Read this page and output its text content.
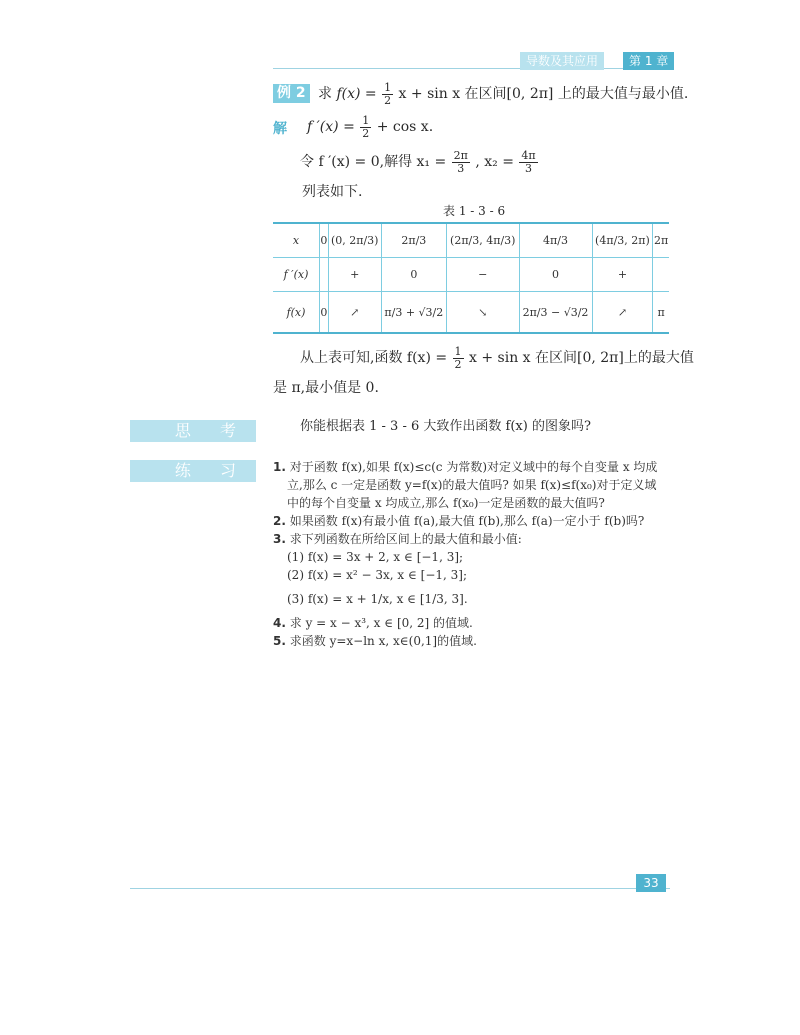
导数及其应用	第 1 章
例 2 求 $f(x) = \frac{1}{2}$ x + sin x 在区间[0, 2π] 上的最大值与最小值.
解 f $'(x) = \frac{1}{2} + \cos x$.
令 f ′(x) = 0,解得 $x_1 = \frac{2\pi}{3}$ , $x_2 = \frac{4\pi}{3}$
列表如下.
表 1 - 3 - 6
x	0	(0, 2π/3)	2π/3	(2π/3, 4π/3)	4π/3	(4π/3, 2π)	2π
f ′(x)		+	0	−	0	+	
f(x)	0	↗	π/3 + √3/2	↘	2π/3 − √3/2	↗	π
从上表可知,函数 $f(x) = \frac{1}{2}$ x + sin x 在区间[0, 2π]上的最大值
是 π,最小值是 0.
思 考	你能根据表 1 - 3 - 6 大致作出函数 f(x) 的图象吗?
练 习	1. 对于函数 f(x),如果 f(x)≤c(c 为常数)对定义域中的每个自变量 x 均成
立,那么 c 一定是函数 y=f(x)的最大值吗? 如果 f(x)≤f(x₀)对于定义域
中的每个自变量 x 均成立,那么 f(x₀)一定是函数的最大值吗?
2. 如果函数 f(x)有最小值 f(a),最大值 f(b),那么 f(a)一定小于 f(b)吗?
3. 求下列函数在所给区间上的最大值和最小值:
(1) f(x) = 3x + 2, x ∈ [−1, 3];
(2) f(x) = x² − 3x, x ∈ [−1, 3];
(3) f(x) = x + 1/x, x ∈ [1/3, 3].
4. 求 y = x − x³, x ∈ [0, 2] 的值域.
5. 求函数 y=x−ln x, x∈(0,1]的值域.
33
